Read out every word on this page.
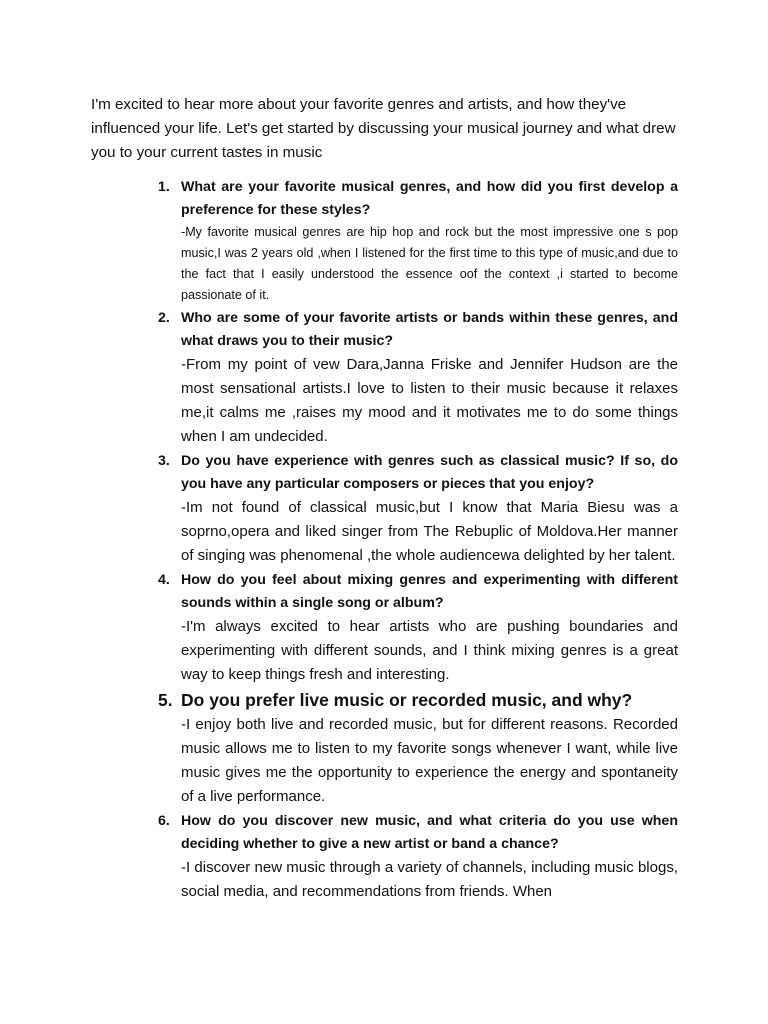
I'm excited to hear more about your favorite genres and artists, and how they've influenced your life. Let's get started by discussing your musical journey and what drew you to your current tastes in music

1. What are your favorite musical genres, and how did you first develop a preference for these styles?

-My favorite musical genres are hip hop and rock but the most impressive one s pop music,I was 2 years old ,when I listened for the first time to this type of music,and due to the fact that I easily understood the essence oof the context ,i started to become passionate of it.

2. Who are some of your favorite artists or bands within these genres, and what draws you to their music?

-From my point of vew Dara,Janna Friske and Jennifer Hudson are the most sensational artists.I love to listen to their music because it relaxes me,it calms me ,raises my mood and it motivates me to do some things when I am undecided.

3. Do you have experience with genres such as classical music? If so, do you have any particular composers or pieces that you enjoy?

-Im not found of classical music,but I know that Maria Biesu was a soprno,opera and liked singer from The Rebuplic of Moldova.Her manner of singing was phenomenal ,the whole audiencewa delighted by her talent.

4. How do you feel about mixing genres and experimenting with different sounds within a single song or album?

-I'm always excited to hear artists who are pushing boundaries and experimenting with different sounds, and I think mixing genres is a great way to keep things fresh and interesting.

5. Do you prefer live music or recorded music, and why?

-I enjoy both live and recorded music, but for different reasons. Recorded music allows me to listen to my favorite songs whenever I want, while live music gives me the opportunity to experience the energy and spontaneity of a live performance.

6. How do you discover new music, and what criteria do you use when deciding whether to give a new artist or band a chance?

-I discover new music through a variety of channels, including music blogs, social media, and recommendations from friends. When
